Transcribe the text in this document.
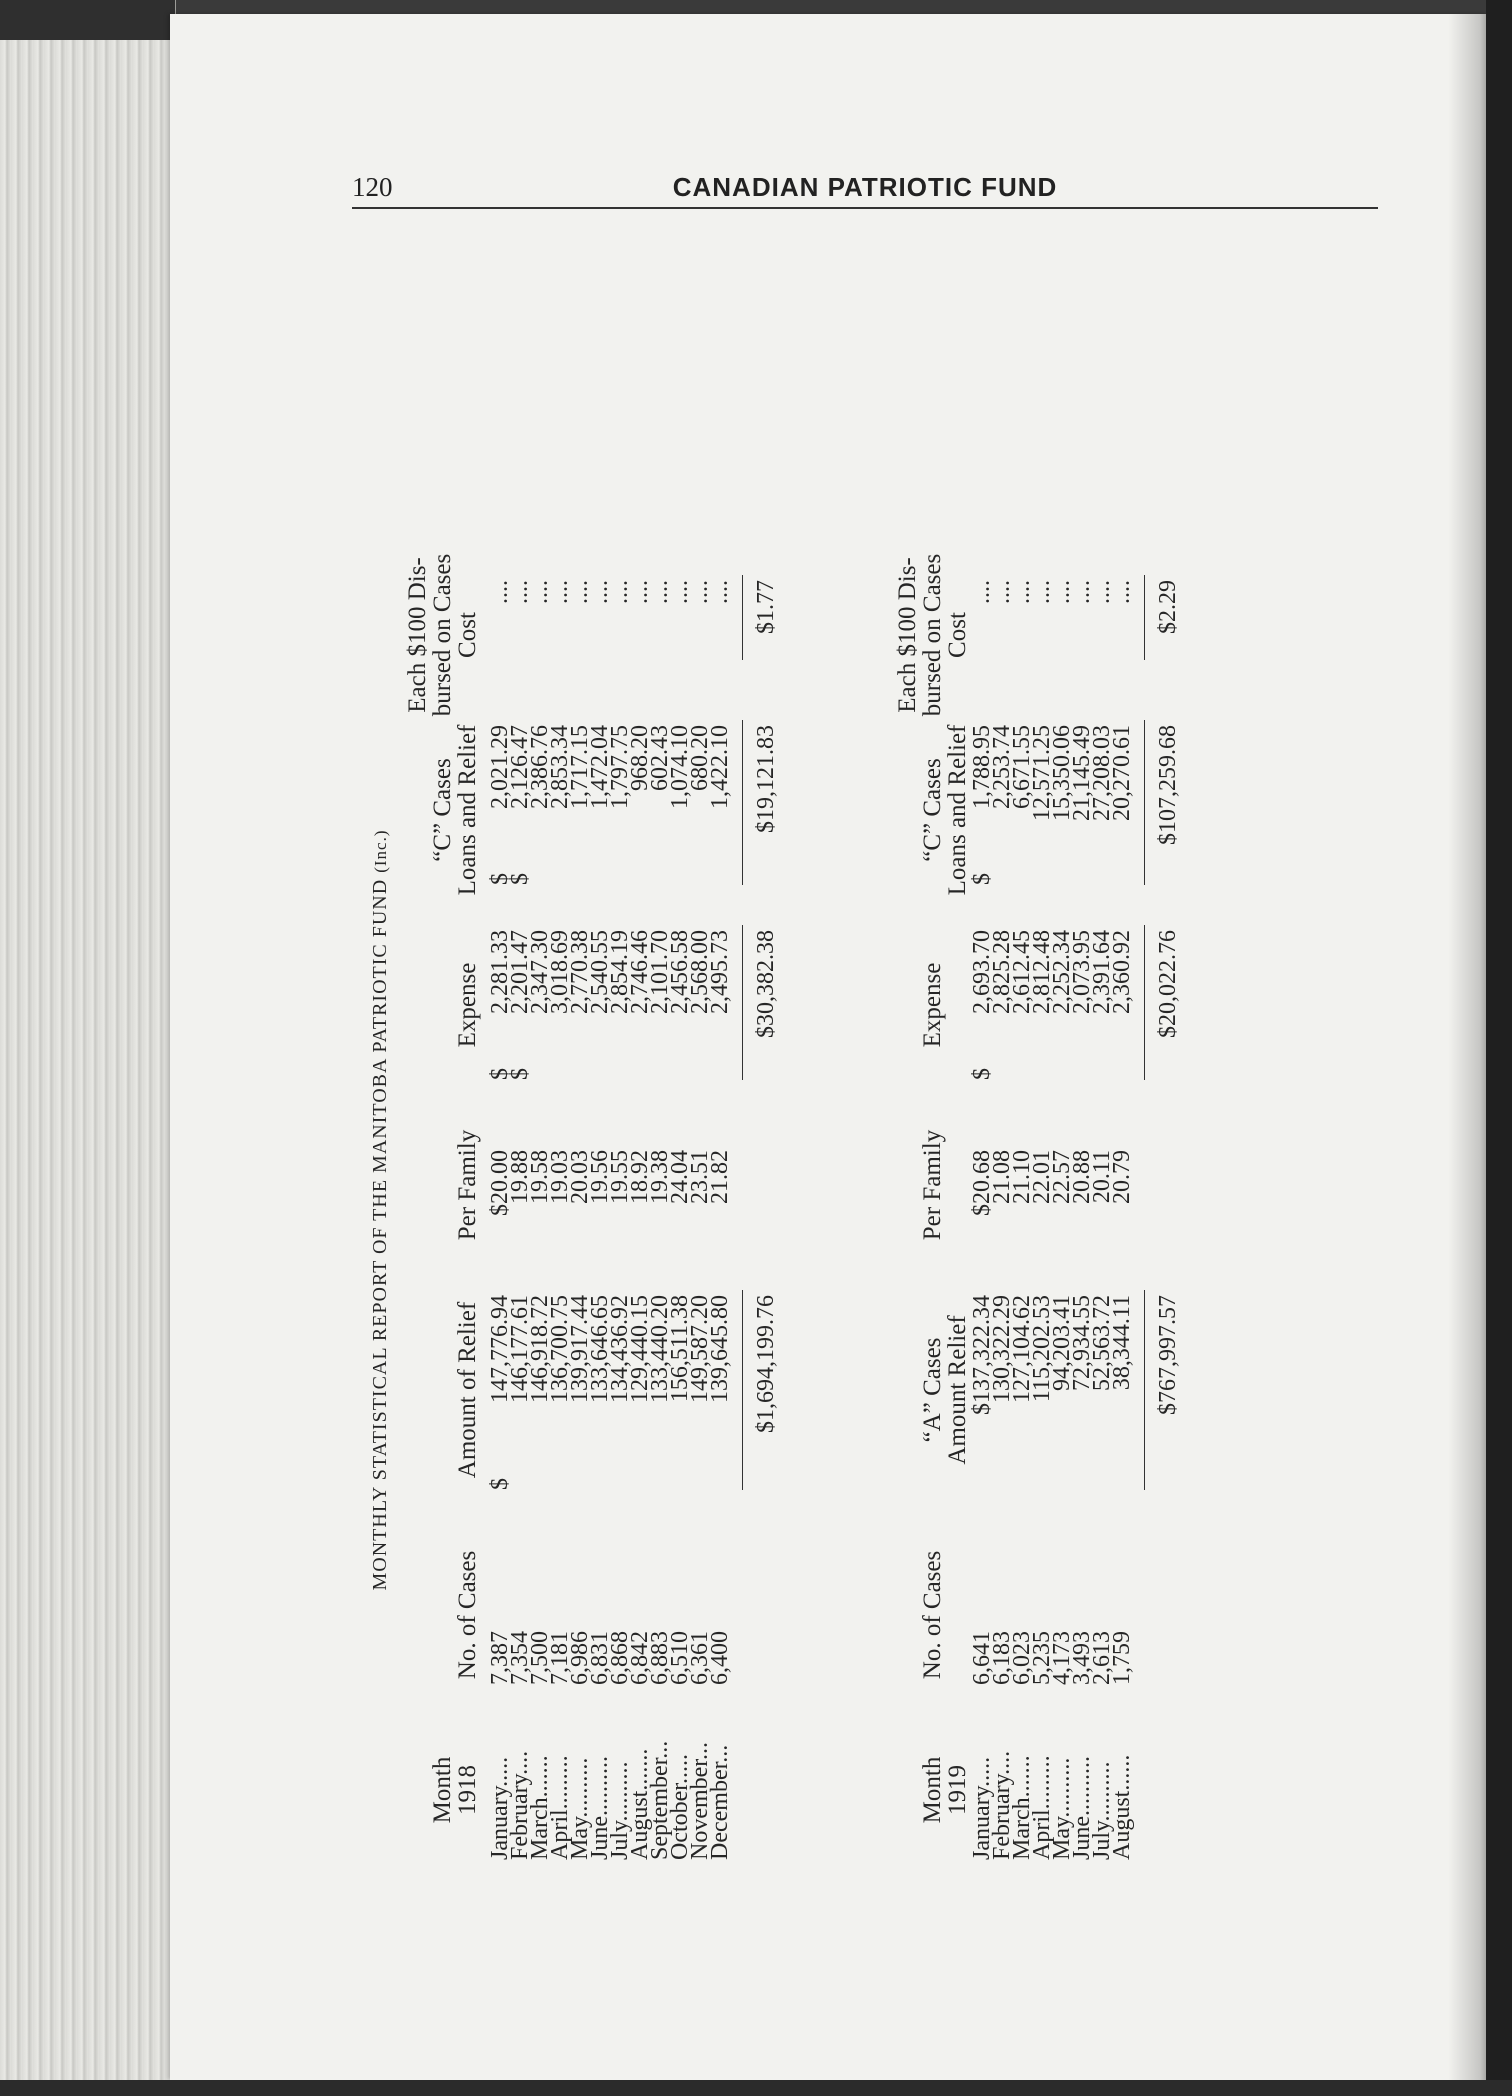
120	CANADIAN PATRIOTIC FUND
MONTHLY STATISTICAL REPORT OF THE MANITOBA PATRIOTIC FUND (Inc.)
Month
1918
No. of Cases
Amount of Relief
Per Family
Expense
“C” Cases
Loans and Relief
Each $100 Dis-
bursed on Cases
Cost
January.....
7,387
$
147,776.94
$20.00
$
2,281.33
$
2,021.29
....
February....
7,354
146,177.61
19.88
$
2,201.47
$
2,126.47
....
March.......
7,500
146,918.72
19.58
2,347.30
2,386.76
....
April.........
7,181
136,700.75
19.03
3,018.69
2,853.34
....
May..........
6,986
139,917.44
20.03
2,770.38
1,717.15
....
June..........
6,831
133,646.65
19.56
2,540.55
1,472.04
....
July..........
6,868
134,436.92
19.55
2,854.19
1,797.75
....
August.......
6,842
129,440.15
18.92
2,746.46
968.20
....
September...
6,883
133,440.20
19.38
2,101.70
602.43
....
October.....
6,510
156,511.38
24.04
2,456.58
1,074.10
....
November...
6,361
149,587.20
23.51
2,568.00
680.20
....
December...
6,400
139,645.80
21.82
2,495.73
1,422.10
....
$1,694,199.76
$30,382.38
$19,121.83
$1.77
Month
1919
No. of Cases
“A” Cases
Amount Relief
Per Family
Expense
“C” Cases
Loans and Relief
Each $100 Dis-
bursed on Cases
Cost
January.....
6,641
$137,322.34
$20.68
$
2,693.70
$
1,788.95
....
February....
6,183
130,322.29
21.08
2,825.28
2,253.74
....
March.......
6,023
127,104.62
21.10
2,612.45
6,671.55
....
April.........
5,235
115,202.53
22.01
2,812.48
12,571.25
....
May..........
4,173
94,203.41
22.57
2,252.34
15,350.06
....
June..........
3,493
72,934.55
20.88
2,073.95
21,145.49
....
July..........
2,613
52,563.72
20.11
2,391.64
27,208.03
....
August......
1,759
38,344.11
20.79
2,360.92
20,270.61
....
$767,997.57
$20,022.76
$107,259.68
$2.29
